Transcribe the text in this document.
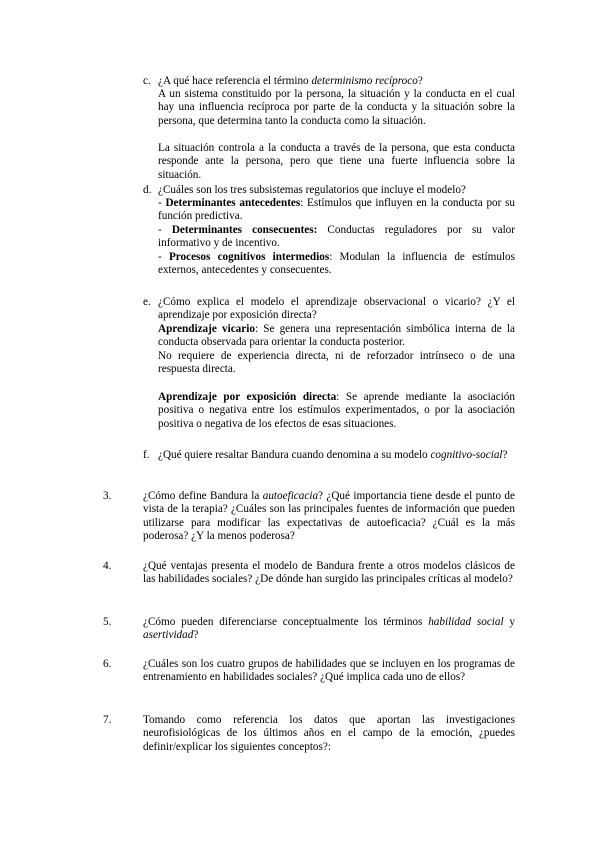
c. ¿A qué hace referencia el término determinismo recíproco?
A un sistema constituido por la persona, la situación y la conducta en el cual hay una influencia recíproca por parte de la conducta y la situación sobre la persona, que determina tanto la conducta como la situación.
La situación controla a la conducta a través de la persona, que esta conducta responde ante la persona, pero que tiene una fuerte influencia sobre la situación.
d. ¿Cuáles son los tres subsistemas regulatorios que incluye el modelo?
- Determinantes antecedentes: Estímulos que influyen en la conducta por su función predictiva.
- Determinantes consecuentes: Conductas reguladores por su valor informativo y de incentivo.
- Procesos cognitivos intermedios: Modulan la influencia de estímulos externos, antecedentes y consecuentes.
e. ¿Cómo explica el modelo el aprendizaje observacional o vicario? ¿Y el aprendizaje por exposición directa?
Aprendizaje vicario: Se genera una representación simbólica interna de la conducta observada para orientar la conducta posterior.
No requiere de experiencia directa, ni de reforzador intrínseco o de una respuesta directa.
Aprendizaje por exposición directa: Se aprende mediante la asociación positiva o negativa entre los estímulos experimentados, o por la asociación positiva o negativa de los efectos de esas situaciones.
f. ¿Qué quiere resaltar Bandura cuando denomina a su modelo cognitivo-social?
3.	¿Cómo define Bandura la autoeficacia? ¿Qué importancia tiene desde el punto de vista de la terapia? ¿Cuáles son las principales fuentes de información que pueden utilizarse para modificar las expectativas de autoeficacia? ¿Cuál es la más poderosa? ¿Y la menos poderosa?
4.	¿Qué ventajas presenta el modelo de Bandura frente a otros modelos clásicos de las habilidades sociales? ¿De dónde han surgido las principales críticas al modelo?
5.	¿Cómo pueden diferenciarse conceptualmente los términos habilidad social y asertividad?
6.	¿Cuáles son los cuatro grupos de habilidades que se incluyen en los programas de entrenamiento en habilidades sociales? ¿Qué implica cada uno de ellos?
7.	Tomando como referencia los datos que aportan las investigaciones neurofisiológicas de los últimos años en el campo de la emoción, ¿puedes definir/explicar los siguientes conceptos?:
